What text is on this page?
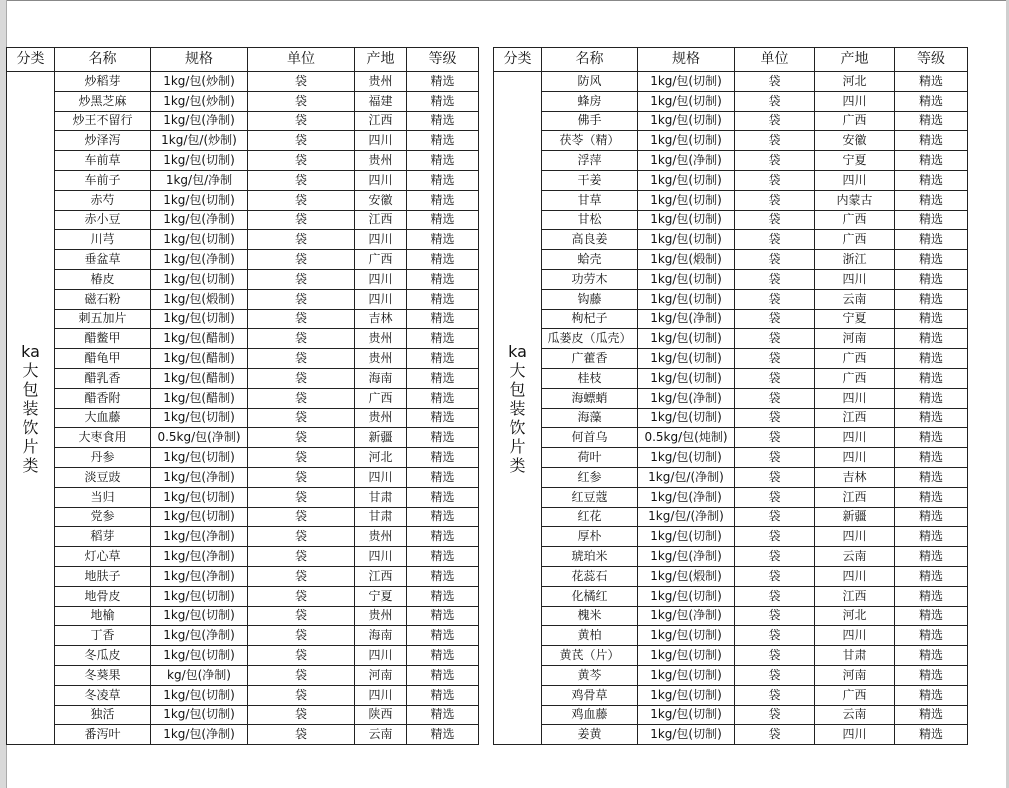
分类	名称	规格	单位	产地	等级
ka大包装饮片类	炒稻芽	1kg/包(炒制)	袋	贵州	精选
	炒黑芝麻	1kg/包(炒制)	袋	福建	精选
	炒王不留行	1kg/包(净制)	袋	江西	精选
	炒泽泻	1kg/包/(炒制)	袋	四川	精选
	车前草	1kg/包(切制)	袋	贵州	精选
	车前子	1kg/包/净制	袋	四川	精选
	赤芍	1kg/包(切制)	袋	安徽	精选
	赤小豆	1kg/包(净制)	袋	江西	精选
	川芎	1kg/包(切制)	袋	四川	精选
	垂盆草	1kg/包(净制)	袋	广西	精选
	椿皮	1kg/包(切制)	袋	四川	精选
	磁石粉	1kg/包(煅制)	袋	四川	精选
	刺五加片	1kg/包(切制)	袋	吉林	精选
	醋鳖甲	1kg/包(醋制)	袋	贵州	精选
	醋龟甲	1kg/包(醋制)	袋	贵州	精选
	醋乳香	1kg/包(醋制)	袋	海南	精选
	醋香附	1kg/包(醋制)	袋	广西	精选
	大血藤	1kg/包(切制)	袋	贵州	精选
	大枣食用	0.5kg/包(净制)	袋	新疆	精选
	丹参	1kg/包(切制)	袋	河北	精选
	淡豆豉	1kg/包(净制)	袋	四川	精选
	当归	1kg/包(切制)	袋	甘肃	精选
	党参	1kg/包(切制)	袋	甘肃	精选
	稻芽	1kg/包(净制)	袋	贵州	精选
	灯心草	1kg/包(净制)	袋	四川	精选
	地肤子	1kg/包(净制)	袋	江西	精选
	地骨皮	1kg/包(切制)	袋	宁夏	精选
	地榆	1kg/包(切制)	袋	贵州	精选
	丁香	1kg/包(净制)	袋	海南	精选
	冬瓜皮	1kg/包(切制)	袋	四川	精选
	冬葵果	kg/包(净制)	袋	河南	精选
	冬凌草	1kg/包(切制)	袋	四川	精选
	独活	1kg/包(切制)	袋	陕西	精选
	番泻叶	1kg/包(净制)	袋	云南	精选
分类	名称	规格	单位	产地	等级
ka大包装饮片类	防风	1kg/包(切制)	袋	河北	精选
	蜂房	1kg/包(切制)	袋	四川	精选
	佛手	1kg/包(切制)	袋	广西	精选
	茯苓（精）	1kg/包(切制)	袋	安徽	精选
	浮萍	1kg/包(净制)	袋	宁夏	精选
	干姜	1kg/包(切制)	袋	四川	精选
	甘草	1kg/包(切制)	袋	内蒙古	精选
	甘松	1kg/包(切制)	袋	广西	精选
	高良姜	1kg/包(切制)	袋	广西	精选
	蛤壳	1kg/包(煅制)	袋	浙江	精选
	功劳木	1kg/包(切制)	袋	四川	精选
	钩藤	1kg/包(切制)	袋	云南	精选
	枸杞子	1kg/包(净制)	袋	宁夏	精选
	瓜蒌皮（瓜壳）	1kg/包(切制)	袋	河南	精选
	广藿香	1kg/包(切制)	袋	广西	精选
	桂枝	1kg/包(切制)	袋	广西	精选
	海螵蛸	1kg/包(净制)	袋	四川	精选
	海藻	1kg/包(切制)	袋	江西	精选
	何首乌	0.5kg/包(炖制)	袋	四川	精选
	荷叶	1kg/包(切制)	袋	四川	精选
	红参	1kg/包/(净制)	袋	吉林	精选
	红豆蔻	1kg/包(净制)	袋	江西	精选
	红花	1kg/包/(净制)	袋	新疆	精选
	厚朴	1kg/包(切制)	袋	四川	精选
	琥珀米	1kg/包(净制)	袋	云南	精选
	花蕊石	1kg/包(煅制)	袋	四川	精选
	化橘红	1kg/包(切制)	袋	江西	精选
	槐米	1kg/包(净制)	袋	河北	精选
	黄柏	1kg/包(切制)	袋	四川	精选
	黄芪（片）	1kg/包(切制)	袋	甘肃	精选
	黄芩	1kg/包(切制)	袋	河南	精选
	鸡骨草	1kg/包(切制)	袋	广西	精选
	鸡血藤	1kg/包(切制)	袋	云南	精选
	姜黄	1kg/包(切制)	袋	四川	精选
